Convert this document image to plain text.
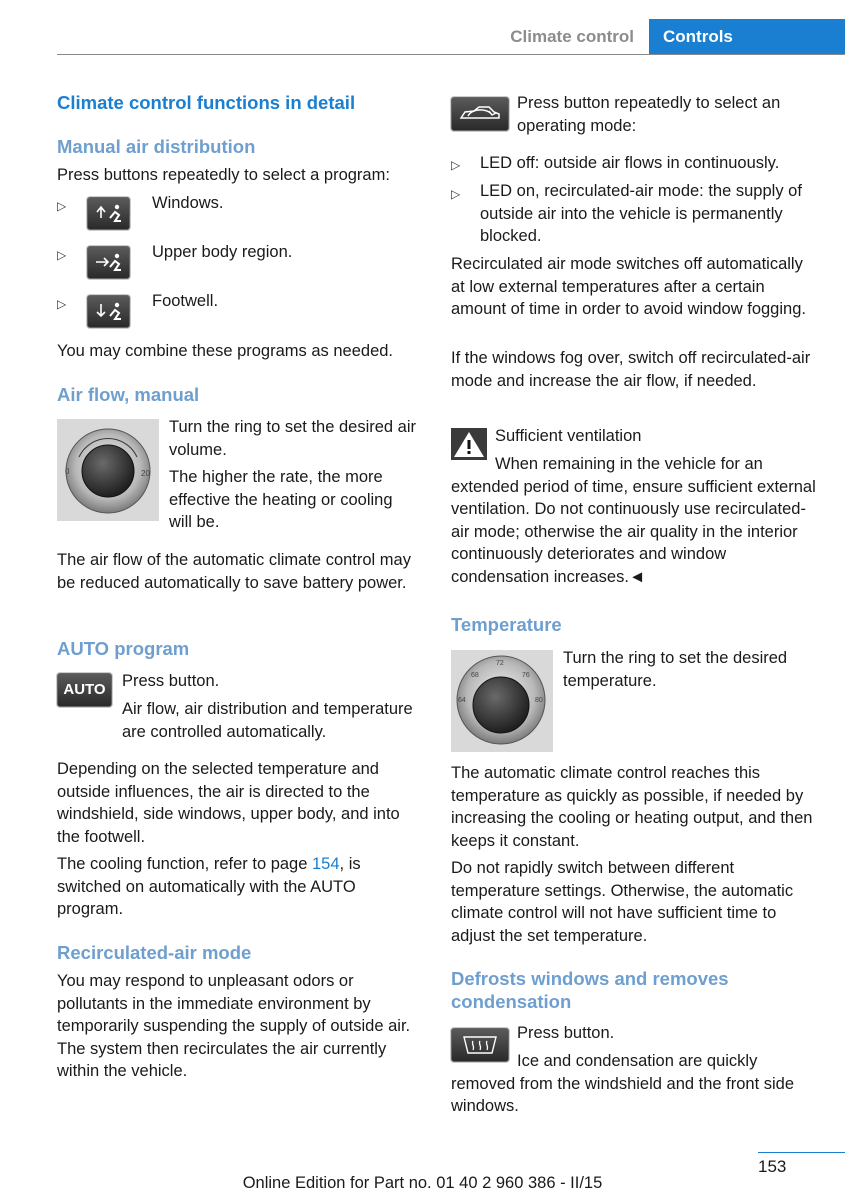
Climate control	Controls
Climate control functions in detail
Manual air distribution
Press buttons repeatedly to select a program:
▷	Windows.
▷	Upper body region.
▷	Footwell.
You may combine these programs as needed.
Air flow, manual
0	20
Turn the ring to set the desired air volume.
The higher the rate, the more effective the heating or cooling will be.
The air flow of the automatic climate control may be reduced automatically to save battery power.
AUTO program
AUTO Press button.
Air flow, air distribution and temperature are controlled automatically.
Depending on the selected temperature and outside influences, the air is directed to the windshield, side windows, upper body, and into the footwell.
The cooling function, refer to page 154, is switched on automatically with the AUTO program.
Recirculated-air mode
You may respond to unpleasant odors or pollutants in the immediate environment by temporarily suspending the supply of outside air. The system then recirculates the air currently within the vehicle.
Press button repeatedly to select an operating mode:
▷ LED off: outside air flows in continuously.
▷ LED on, recirculated-air mode: the supply of outside air into the vehicle is permanently blocked.
Recirculated air mode switches off automatically at low external temperatures after a certain amount of time in order to avoid window fogging.
If the windows fog over, switch off recirculated-air mode and increase the air flow, if needed.
Sufficient ventilation
When remaining in the vehicle for an extended period of time, ensure sufficient external ventilation. Do not continuously use recirculated-air mode; otherwise the air quality in the interior continuously deteriorates and window condensation increases.◄
Temperature
64
68
72
76
80
Turn the ring to set the desired temperature.
The automatic climate control reaches this temperature as quickly as possible, if needed by increasing the cooling or heating output, and then keeps it constant.
Do not rapidly switch between different temperature settings. Otherwise, the automatic climate control will not have sufficient time to adjust the set temperature.
Defrosts windows and removes condensation
Press button.
Ice and condensation are quickly removed from the windshield and the front side windows.
153
Online Edition for Part no. 01 40 2 960 386 - II/15
